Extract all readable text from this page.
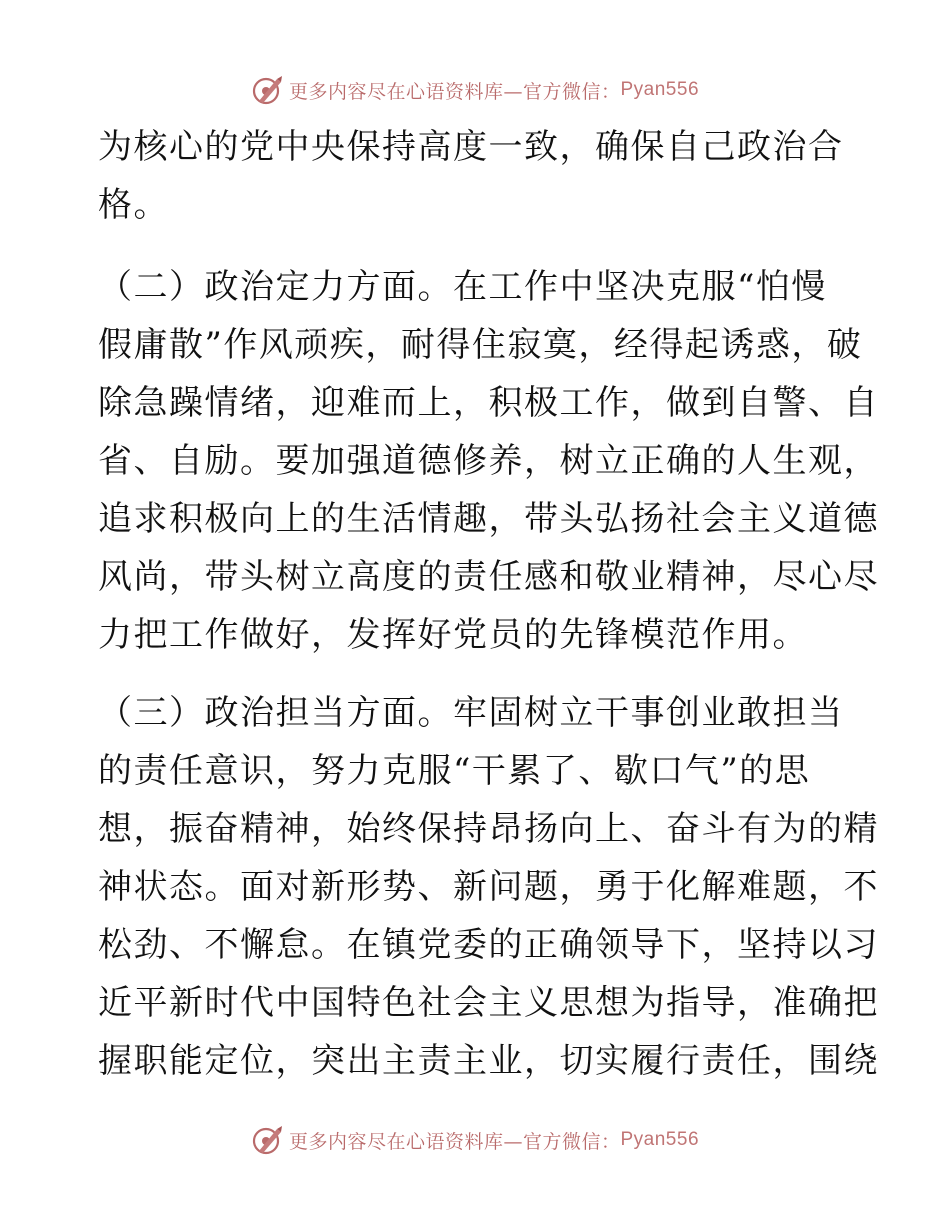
更多内容尽在心语资料库—官方微信： Pyan556

为核心的党中央保持高度一致，确保自己政治合
格。

（二）政治定力方面。在工作中坚决克服“怕慢
假庸散”作风顽疾，耐得住寂寞，经得起诱惑，破
除急躁情绪，迎难而上，积极工作，做到自警、自
省、自励。要加强道德修养，树立正确的人生观，
追求积极向上的生活情趣，带头弘扬社会主义道德
风尚，带头树立高度的责任感和敬业精神，尽心尽
力把工作做好，发挥好党员的先锋模范作用。

（三）政治担当方面。牢固树立干事创业敢担当
的责任意识，努力克服“干累了、歇口气”的思
想，振奋精神，始终保持昂扬向上、奋斗有为的精
神状态。面对新形势、新问题，勇于化解难题，不
松劲、不懈怠。在镇党委的正确领导下，坚持以习
近平新时代中国特色社会主义思想为指导，准确把
握职能定位，突出主责主业，切实履行责任，围绕

更多内容尽在心语资料库—官方微信： Pyan556
